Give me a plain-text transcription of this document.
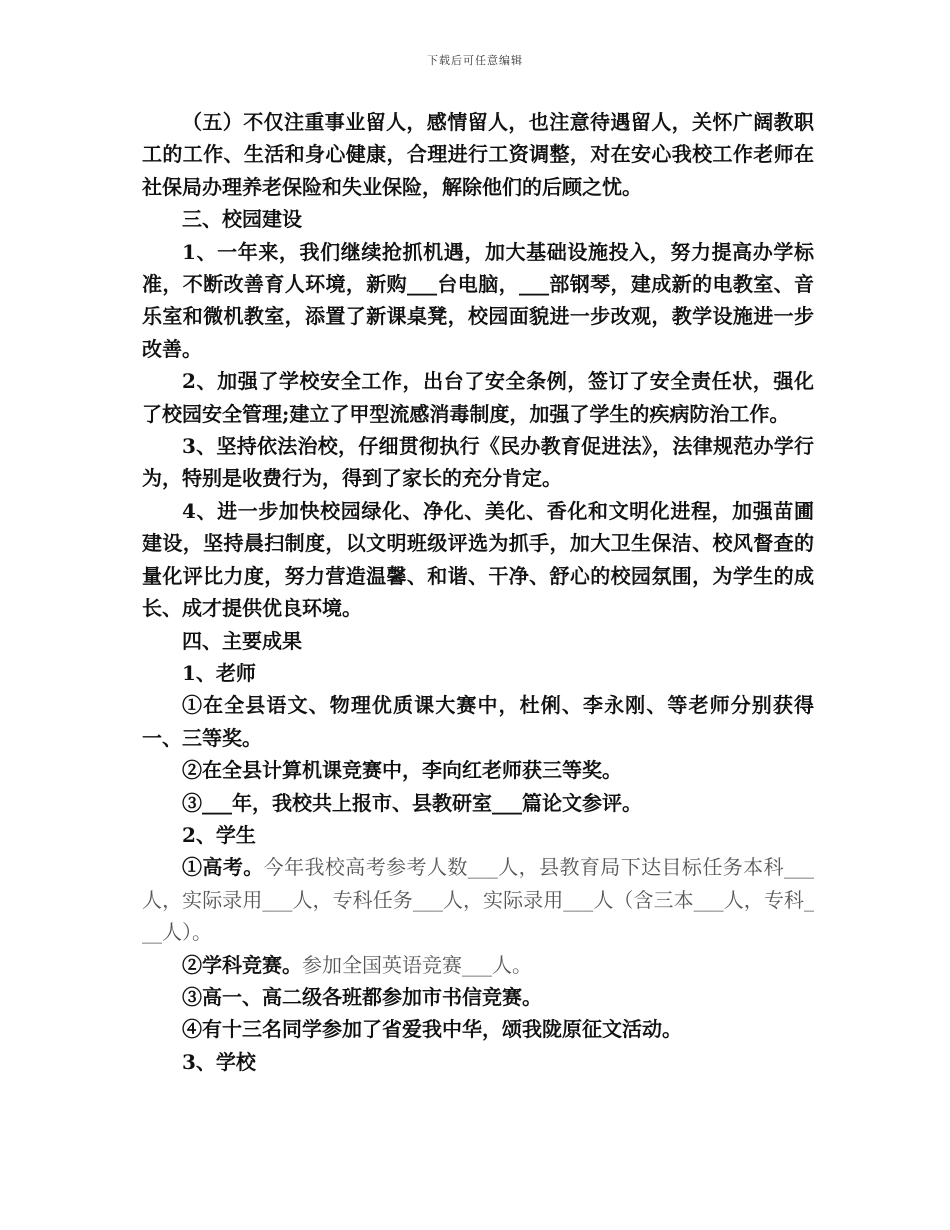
下载后可任意编辑

（五）不仅注重事业留人，感情留人，也注意待遇留人，关怀广阔教职工的工作、生活和身心健康，合理进行工资调整，对在安心我校工作老师在社保局办理养老保险和失业保险，解除他们的后顾之忧。

三、校园建设

1、一年来，我们继续抢抓机遇，加大基础设施投入，努力提高办学标准，不断改善育人环境，新购___台电脑，___部钢琴，建成新的电教室、音乐室和微机教室，添置了新课桌凳，校园面貌进一步改观，教学设施进一步改善。

2、加强了学校安全工作，出台了安全条例，签订了安全责任状，强化了校园安全管理;建立了甲型流感消毒制度，加强了学生的疾病防治工作。

3、坚持依法治校，仔细贯彻执行《民办教育促进法》，法律规范办学行为，特别是收费行为，得到了家长的充分肯定。

4、进一步加快校园绿化、净化、美化、香化和文明化进程，加强苗圃建设，坚持晨扫制度，以文明班级评选为抓手，加大卫生保洁、校风督查的量化评比力度，努力营造温馨、和谐、干净、舒心的校园氛围，为学生的成长、成才提供优良环境。

四、主要成果

1、老师

①在全县语文、物理优质课大赛中，杜俐、李永刚、等老师分别获得一、三等奖。

②在全县计算机课竞赛中，李向红老师获三等奖。

③___年，我校共上报市、县教研室___篇论文参评。

2、学生

①高考。今年我校高考参考人数___人，县教育局下达目标任务本科___人，实际录用___人，专科任务___人，实际录用___人（含三本___人，专科___人）。

②学科竞赛。参加全国英语竞赛___人。

③高一、高二级各班都参加市书信竞赛。

④有十三名同学参加了省爱我中华，颂我陇原征文活动。

3、学校
